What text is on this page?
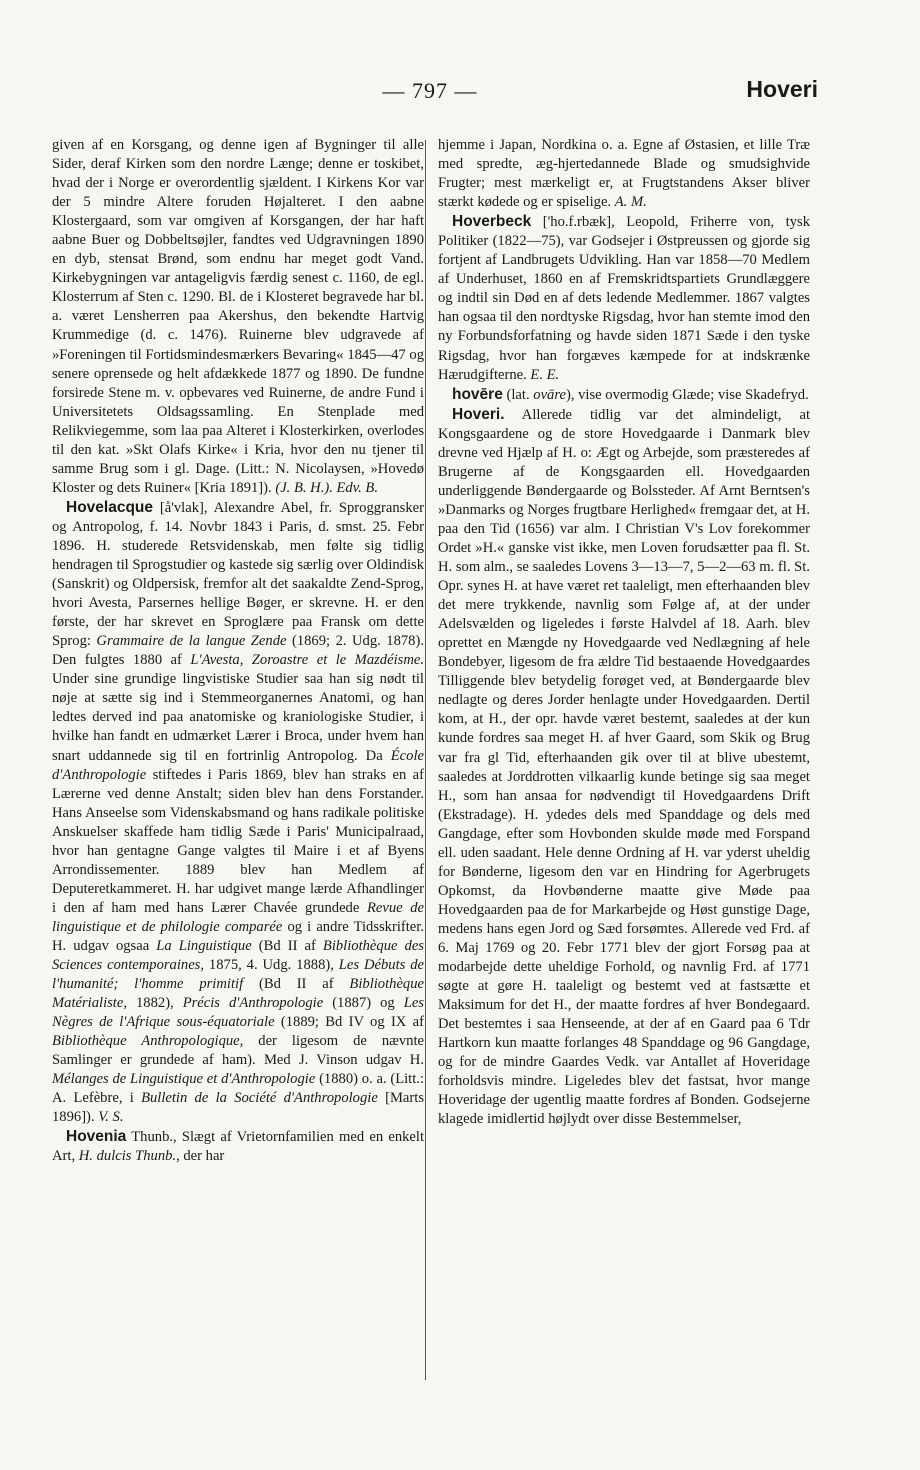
— 797 —	Hoveri

given af en Korsgang, og denne igen af Bygninger til alle Sider, deraf Kirken som den nordre Længe; denne er toskibet, hvad der i Norge er overordentlig sjældent. I Kirkens Kor var der 5 mindre Altere foruden Højalteret. I den aabne Klostergaard, som var omgiven af Korsgangen, der har haft aabne Buer og Dobbeltsøjler, fandtes ved Udgravningen 1890 en dyb, stensat Brønd, som endnu har meget godt Vand. Kirkebygningen var antageligvis færdig senest c. 1160, de egl. Klosterrum af Sten c. 1290. Bl. de i Klosteret begravede har bl. a. været Lensherren paa Akershus, den bekendte Hartvig Krummedige (d. c. 1476). Ruinerne blev udgravede af »Foreningen til Fortidsmindesmærkers Bevaring« 1845—47 og senere oprensede og helt afdækkede 1877 og 1890. De fundne forsirede Stene m. v. opbevares ved Ruinerne, de andre Fund i Universitetets Oldsagssamling. En Stenplade med Relikviegemme, som laa paa Alteret i Klosterkirken, overlodes til den kat. »Skt Olafs Kirke« i Kria, hvor den nu tjener til samme Brug som i gl. Dage. (Litt.: N. Nicolaysen, »Hovedø Kloster og dets Ruiner« [Kria 1891]). (J. B. H.). Edv. B.

Hovelacque [å'vlak], Alexandre Abel, fr. Sproggransker og Antropolog, f. 14. Novbr 1843 i Paris, d. smst. 25. Febr 1896. H. studerede Retsvidenskab, men følte sig tidlig hendragen til Sprogstudier og kastede sig særlig over Oldindisk (Sanskrit) og Oldpersisk, fremfor alt det saakaldte Zend-Sprog, hvori Avesta, Parsernes hellige Bøger, er skrevne. H. er den første, der har skrevet en Sproglære paa Fransk om dette Sprog: Grammaire de la langue Zende (1869; 2. Udg. 1878). Den fulgtes 1880 af L'Avesta, Zoroastre et le Mazdéisme. Under sine grundige lingvistiske Studier saa han sig nødt til nøje at sætte sig ind i Stemmeorganernes Anatomi, og han ledtes derved ind paa anatomiske og kraniologiske Studier, i hvilke han fandt en udmærket Lærer i Broca, under hvem han snart uddannede sig til en fortrinlig Antropolog. Da École d'Anthropologie stiftedes i Paris 1869, blev han straks en af Lærerne ved denne Anstalt; siden blev han dens Forstander. Hans Anseelse som Videnskabsmand og hans radikale politiske Anskuelser skaffede ham tidlig Sæde i Paris' Municipalraad, hvor han gentagne Gange valgtes til Maire i et af Byens Arrondissementer. 1889 blev han Medlem af Deputeretkammeret. H. har udgivet mange lærde Afhandlinger i den af ham med hans Lærer Chavée grundede Revue de linguistique et de philologie comparée og i andre Tidsskrifter. H. udgav ogsaa La Linguistique (Bd II af Bibliothèque des Sciences contemporaines, 1875, 4. Udg. 1888), Les Débuts de l'humanité; l'homme primitif (Bd II af Bibliothèque Matérialiste, 1882), Précis d'Anthropologie (1887) og Les Nègres de l'Afrique sous-équatoriale (1889; Bd IV og IX af Bibliothèque Anthropologique, der ligesom de nævnte Samlinger er grundede af ham). Med J. Vinson udgav H. Mélanges de Linguistique et d'Anthropologie (1880) o. a. (Litt.: A. Lefèbre, i Bulletin de la Société d'Anthropologie [Marts 1896]). V. S.

Hovenia Thunb., Slægt af Vrietornfamilien med en enkelt Art, H. dulcis Thunb., der har

hjemme i Japan, Nordkina o. a. Egne af Østasien, et lille Træ med spredte, æg-hjertedannede Blade og smudsighvide Frugter; mest mærkeligt er, at Frugtstandens Akser bliver stærkt kødede og er spiselige. A. M.

Hoverbeck ['ho.f.rbæk], Leopold, Friherre von, tysk Politiker (1822—75), var Godsejer i Østpreussen og gjorde sig fortjent af Landbrugets Udvikling. Han var 1858—70 Medlem af Underhuset, 1860 en af Fremskridtspartiets Grundlæggere og indtil sin Død en af dets ledende Medlemmer. 1867 valgtes han ogsaa til den nordtyske Rigsdag, hvor han stemte imod den ny Forbundsforfatning og havde siden 1871 Sæde i den tyske Rigsdag, hvor han forgæves kæmpede for at indskrænke Hærudgifterne. E. E.

hovēre (lat. ovāre), vise overmodig Glæde; vise Skadefryd.

Hoveri. Allerede tidlig var det almindeligt, at Kongsgaardene og de store Hovedgaarde i Danmark blev drevne ved Hjælp af H. o: Ægt og Arbejde, som præsteredes af Brugerne af de Kongsgaarden ell. Hovedgaarden underliggende Bøndergaarde og Bolssteder. Af Arnt Berntsen's »Danmarks og Norges frugtbare Herlighed« fremgaar det, at H. paa den Tid (1656) var alm. I Christian V's Lov forekommer Ordet »H.« ganske vist ikke, men Loven forudsætter paa fl. St. H. som alm., se saaledes Lovens 3—13—7, 5—2—63 m. fl. St. Opr. synes H. at have været ret taaleligt, men efterhaanden blev det mere trykkende, navnlig som Følge af, at der under Adelsvælden og ligeledes i første Halvdel af 18. Aarh. blev oprettet en Mængde ny Hovedgaarde ved Nedlægning af hele Bondebyer, ligesom de fra ældre Tid bestaaende Hovedgaardes Tilliggende blev betydelig forøget ved, at Bøndergaarde blev nedlagte og deres Jorder henlagte under Hovedgaarden. Dertil kom, at H., der opr. havde været bestemt, saaledes at der kun kunde fordres saa meget H. af hver Gaard, som Skik og Brug var fra gl Tid, efterhaanden gik over til at blive ubestemt, saaledes at Jorddrotten vilkaarlig kunde betinge sig saa meget H., som han ansaa for nødvendigt til Hovedgaardens Drift (Ekstradage). H. ydedes dels med Spanddage og dels med Gangdage, efter som Hovbonden skulde møde med Forspand ell. uden saadant. Hele denne Ordning af H. var yderst uheldig for Bønderne, ligesom den var en Hindring for Agerbrugets Opkomst, da Hovbønderne maatte give Møde paa Hovedgaarden paa de for Markarbejde og Høst gunstige Dage, medens hans egen Jord og Sæd forsømtes. Allerede ved Frd. af 6. Maj 1769 og 20. Febr 1771 blev der gjort Forsøg paa at modarbejde dette uheldige Forhold, og navnlig Frd. af 1771 søgte at gøre H. taaleligt og bestemt ved at fastsætte et Maksimum for det H., der maatte fordres af hver Bondegaard. Det bestemtes i saa Henseende, at der af en Gaard paa 6 Tdr Hartkorn kun maatte forlanges 48 Spanddage og 96 Gangdage, og for de mindre Gaardes Vedk. var Antallet af Hoveridage forholdsvis mindre. Ligeledes blev det fastsat, hvor mange Hoveridage der ugentlig maatte fordres af Bonden. Godsejerne klagede imidlertid højlydt over disse Bestemmelser,
